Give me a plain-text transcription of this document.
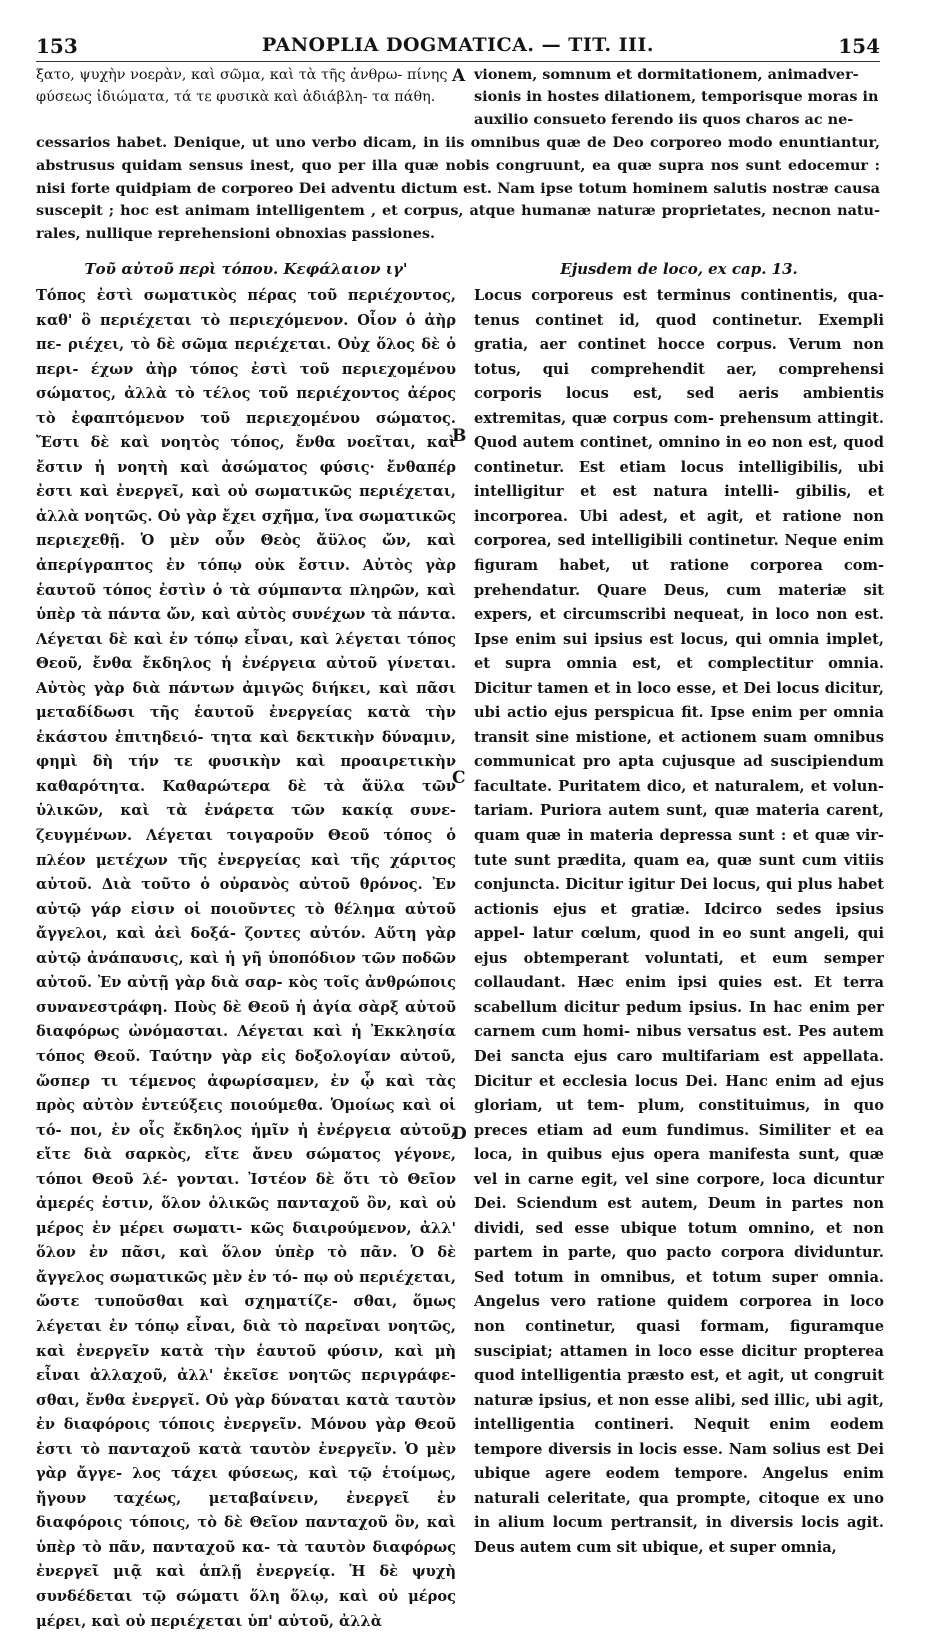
153	PANOPLIA DOGMATICA. — TIT. III.	154
ξατο, ψυχὴν νοερὰν, καὶ σῶμα, καὶ τὰ τῆς ἀνθρω- πίνης φύσεως ἰδιώματα, τά τε φυσικὰ καὶ ἀδιάβλη- τα πάθη.
vionem, somnum et dormitationem, animadver- sionis in hostes dilationem, temporisque moras in auxilio consueto ferendo iis quos charos ac ne-
cessarios habet. Denique, ut uno verbo dicam, in iis omnibus quæ de Deo corporeo modo enuntiantur, abstrusus quidam sensus inest, quo per illa quæ nobis congruunt, ea quæ supra nos sunt edocemur : nisi forte quidpiam de corporeo Dei adventu dictum est. Nam ipse totum hominem salutis nostræ causa suscepit ; hoc est animam intelligentem , et corpus, atque humanæ naturæ proprietates, necnon natu- rales, nullique reprehensioni obnoxias passiones.
Τοῦ αὐτοῦ περὶ τόπου. Κεφάλαιον ιγ'	Ejusdem de loco, ex cap. 13.
Τόπος ἐστὶ σωματικὸς πέρας τοῦ περιέχοντος, καθ' ὃ περιέχεται τὸ περιεχόμενον. Οἷον ὁ ἀὴρ πε- ριέχει, τὸ δὲ σῶμα περιέχεται. Οὐχ ὅλος δὲ ὁ περι- έχων ἀὴρ τόπος ἐστὶ τοῦ περιεχομένου σώματος, ἀλλὰ τὸ τέλος τοῦ περιέχοντος ἀέρος τὸ ἐφαπτόμενον τοῦ περιεχομένου σώματος. Ἔστι δὲ καὶ νοητὸς τόπος, ἔνθα νοεῖται, καὶ ἔστιν ἡ νοητὴ καὶ ἀσώματος φύσις· ἔνθαπέρ ἐστι καὶ ἐνεργεῖ, καὶ οὐ σωματικῶς περιέχεται, ἀλλὰ νοητῶς. Οὐ γὰρ ἔχει σχῆμα, ἵνα σωματικῶς περιεχεθῇ. Ὁ μὲν οὖν Θεὸς ἄϋλος ὤν, καὶ ἀπερίγραπτος ἐν τόπῳ οὐκ ἔστιν. Αὐτὸς γὰρ ἑαυτοῦ τόπος ἐστὶν ὁ τὰ σύμπαντα πληρῶν, καὶ ὑπὲρ τὰ πάντα ὤν, καὶ αὐτὸς συνέχων τὰ πάντα. Λέγεται δὲ καὶ ἐν τόπῳ εἶναι, καὶ λέγεται τόπος Θεοῦ, ἔνθα ἔκδηλος ἡ ἐνέργεια αὐτοῦ γίνεται. Αὐτὸς γὰρ διὰ πάντων ἀμιγῶς διήκει, καὶ πᾶσι μεταδίδωσι τῆς ἑαυτοῦ ἐνεργείας κατὰ τὴν ἑκάστου ἐπιτηδειό- τητα καὶ δεκτικὴν δύναμιν, φημὶ δὴ τήν τε φυσικὴν καὶ προαιρετικὴν καθαρότητα. Καθαρώτερα δὲ τὰ ἄϋλα τῶν ὑλικῶν, καὶ τὰ ἐνάρετα τῶν κακίᾳ συνε- ζευγμένων. Λέγεται τοιγαροῦν Θεοῦ τόπος ὁ πλέον μετέχων τῆς ἐνεργείας καὶ τῆς χάριτος αὐτοῦ. Διὰ τοῦτο ὁ οὐρανὸς αὐτοῦ θρόνος. Ἐν αὐτῷ γάρ εἰσιν οἱ ποιοῦντες τὸ θέλημα αὐτοῦ ἄγγελοι, καὶ ἀεὶ δοξά- ζοντες αὐτόν. Αὕτη γὰρ αὐτῷ ἀνάπαυσις, καὶ ἡ γῆ ὑποπόδιον τῶν ποδῶν αὐτοῦ. Ἐν αὐτῇ γὰρ διὰ σαρ- κὸς τοῖς ἀνθρώποις συνανεστράφη. Ποὺς δὲ Θεοῦ ἡ ἁγία σὰρξ αὐτοῦ διαφόρως ὠνόμασται. Λέγεται καὶ ἡ Ἐκκλησία τόπος Θεοῦ. Ταύτην γὰρ εἰς δοξολογίαν αὐτοῦ, ὥσπερ τι τέμενος ἀφωρίσαμεν, ἐν ᾧ καὶ τὰς πρὸς αὐτὸν ἐντεύξεις ποιούμεθα. Ὁμοίως καὶ οἱ τό- ποι, ἐν οἷς ἔκδηλος ἡμῖν ἡ ἐνέργεια αὐτοῦ, εἴτε διὰ σαρκὸς, εἴτε ἄνευ σώματος γέγονε, τόποι Θεοῦ λέ- γονται. Ἰστέον δὲ ὅτι τὸ Θεῖον ἀμερές ἐστιν, ὅλον ὁλικῶς πανταχοῦ ὂν, καὶ οὐ μέρος ἐν μέρει σωματι- κῶς διαιρούμενον, ἀλλ' ὅλον ἐν πᾶσι, καὶ ὅλον ὑπὲρ τὸ πᾶν. Ὁ δὲ ἄγγελος σωματικῶς μὲν ἐν τό- πῳ οὐ περιέχεται, ὥστε τυποῦσθαι καὶ σχηματίζε- σθαι, ὅμως λέγεται ἐν τόπῳ εἶναι, διὰ τὸ παρεῖναι νοητῶς, καὶ ἐνεργεῖν κατὰ τὴν ἑαυτοῦ φύσιν, καὶ μὴ εἶναι ἀλλαχοῦ, ἀλλ' ἐκεῖσε νοητῶς περιγράφε- σθαι, ἔνθα ἐνεργεῖ. Οὐ γὰρ δύναται κατὰ ταυτὸν ἐν διαφόροις τόποις ἐνεργεῖν. Μόνου γὰρ Θεοῦ ἐστι τὸ πανταχοῦ κατὰ ταυτὸν ἐνεργεῖν. Ὁ μὲν γὰρ ἄγγε- λος τάχει φύσεως, καὶ τῷ ἑτοίμως, ἤγουν ταχέως, μεταβαίνειν, ἐνεργεῖ ἐν διαφόροις τόποις, τὸ δὲ Θεῖον πανταχοῦ ὂν, καὶ ὑπὲρ τὸ πᾶν, πανταχοῦ κα- τὰ ταυτὸν διαφόρως ἐνεργεῖ μιᾷ καὶ ἁπλῇ ἐνεργείᾳ. Ἡ δὲ ψυχὴ συνδέδεται τῷ σώματι ὅλη ὅλῳ, καὶ οὐ μέρος μέρει, καὶ οὐ περιέχεται ὑπ' αὐτοῦ, ἀλλὰ
Locus corporeus est terminus continentis, qua- tenus continet id, quod continetur. Exempli gratia, aer continet hocce corpus. Verum non totus, qui comprehendit aer, comprehensi corporis locus est, sed aeris ambientis extremitas, quæ corpus com- prehensum attingit. Quod autem continet, omnino in eo non est, quod continetur. Est etiam locus intelligibilis, ubi intelligitur et est natura intelli- gibilis, et incorporea. Ubi adest, et agit, et ratione non corporea, sed intelligibili continetur. Neque enim figuram habet, ut ratione corporea com- prehendatur. Quare Deus, cum materiæ sit expers, et circumscribi nequeat, in loco non est. Ipse enim sui ipsius est locus, qui omnia implet, et supra omnia est, et complectitur omnia. Dicitur tamen et in loco esse, et Dei locus dicitur, ubi actio ejus perspicua fit. Ipse enim per omnia transit sine mistione, et actionem suam omnibus communicat pro apta cujusque ad suscipiendum facultate. Puritatem dico, et naturalem, et volun- tariam. Puriora autem sunt, quæ materia carent, quam quæ in materia depressa sunt : et quæ vir- tute sunt prædita, quam ea, quæ sunt cum vitiis conjuncta. Dicitur igitur Dei locus, qui plus habet actionis ejus et gratiæ. Idcirco sedes ipsius appel- latur cœlum, quod in eo sunt angeli, qui ejus obtemperant voluntati, et eum semper collaudant. Hæc enim ipsi quies est. Et terra scabellum dicitur pedum ipsius. In hac enim per carnem cum homi- nibus versatus est. Pes autem Dei sancta ejus caro multifariam est appellata. Dicitur et ecclesia locus Dei. Hanc enim ad ejus gloriam, ut tem- plum, constituimus, in quo preces etiam ad eum fundimus. Similiter et ea loca, in quibus ejus opera manifesta sunt, quæ vel in carne egit, vel sine corpore, loca dicuntur Dei. Sciendum est autem, Deum in partes non dividi, sed esse ubique totum omnino, et non partem in parte, quo pacto corpora dividuntur. Sed totum in omnibus, et totum super omnia. Angelus vero ratione quidem corporea in loco non continetur, quasi formam, figuramque suscipiat; attamen in loco esse dicitur propterea quod intelligentia præsto est, et agit, ut congruit naturæ ipsius, et non esse alibi, sed illic, ubi agit, intelligentia contineri. Nequit enim eodem tempore diversis in locis esse. Nam solius est Dei ubique agere eodem tempore. Angelus enim naturali celeritate, qua prompte, citoque ex uno in alium locum pertransit, in diversis locis agit. Deus autem cum sit ubique, et super omnia,
A
B
C
D
